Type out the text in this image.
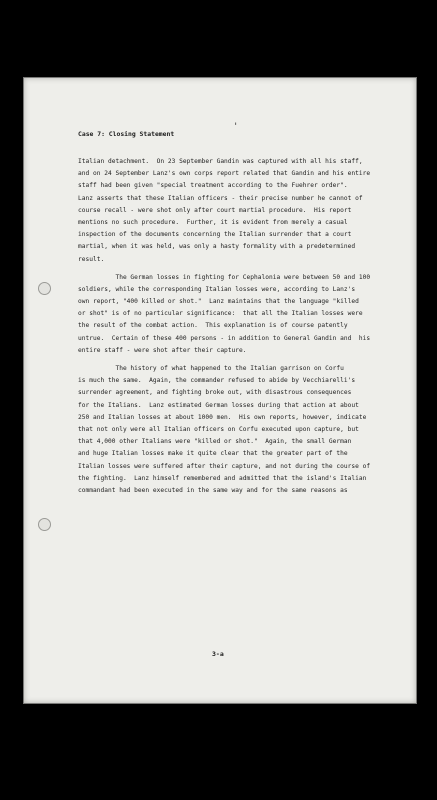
'
Case 7: Closing Statement
Italian detachment.  On 23 September Gandin was captured with all his staff,
and on 24 September Lanz's own corps report related that Gandin and his entire
staff had been given "special treatment according to the Fuehrer order".
Lanz asserts that these Italian officers - their precise number he cannot of
course recall - were shot only after court martial procedure.  His report
mentions no such procedure.  Further, it is evident from merely a casual
inspection of the documents concerning the Italian surrender that a court
martial, when it was held, was only a hasty formality with a predetermined
result.
The German losses in fighting for Cephalonia were between 50 and 100
soldiers, while the corresponding Italian losses were, according to Lanz's
own report, "400 killed or shot."  Lanz maintains that the language "killed
or shot" is of no particular significance:  that all the Italian losses were
the result of the combat action.  This explanation is of course patently
untrue.  Certain of these 400 persons - in addition to General Gandin and  his
entire staff - were shot after their capture.
The history of what happened to the Italian garrison on Corfu
is much the same.  Again, the commander refused to abide by Vecchiarelli's
surrender agreement, and fighting broke out, with disastrous consequences
for the Italians.  Lanz estimated German losses during that action at about
250 and Italian losses at about 1000 men.  His own reports, however, indicate
that not only were all Italian officers on Corfu executed upon capture, but
that 4,000 other Italians were "killed or shot."  Again, the small German
and huge Italian losses make it quite clear that the greater part of the
Italian losses were suffered after their capture, and not during the course of
the fighting.  Lanz himself remembered and admitted that the island's Italian
commandant had been executed in the same way and for the same reasons as
3-a
